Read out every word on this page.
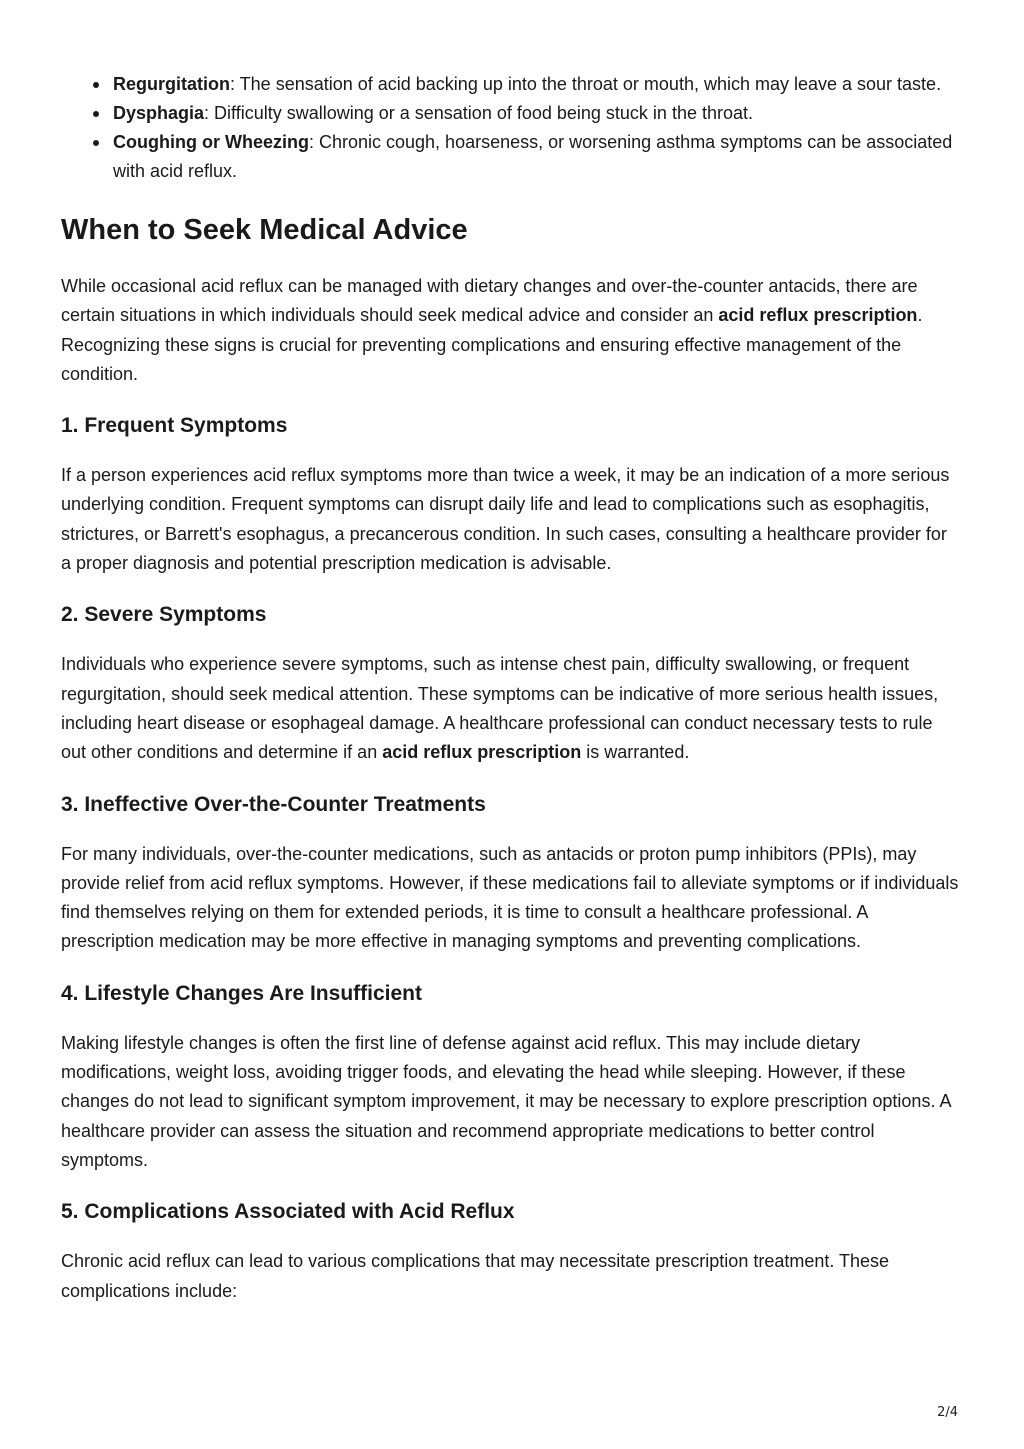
Regurgitation: The sensation of acid backing up into the throat or mouth, which may leave a sour taste.
Dysphagia: Difficulty swallowing or a sensation of food being stuck in the throat.
Coughing or Wheezing: Chronic cough, hoarseness, or worsening asthma symptoms can be associated with acid reflux.
When to Seek Medical Advice

While occasional acid reflux can be managed with dietary changes and over-the-counter antacids, there are certain situations in which individuals should seek medical advice and consider an acid reflux prescription. Recognizing these signs is crucial for preventing complications and ensuring effective management of the condition.

1. Frequent Symptoms

If a person experiences acid reflux symptoms more than twice a week, it may be an indication of a more serious underlying condition. Frequent symptoms can disrupt daily life and lead to complications such as esophagitis, strictures, or Barrett's esophagus, a precancerous condition. In such cases, consulting a healthcare provider for a proper diagnosis and potential prescription medication is advisable.

2. Severe Symptoms

Individuals who experience severe symptoms, such as intense chest pain, difficulty swallowing, or frequent regurgitation, should seek medical attention. These symptoms can be indicative of more serious health issues, including heart disease or esophageal damage. A healthcare professional can conduct necessary tests to rule out other conditions and determine if an acid reflux prescription is warranted.

3. Ineffective Over-the-Counter Treatments

For many individuals, over-the-counter medications, such as antacids or proton pump inhibitors (PPIs), may provide relief from acid reflux symptoms. However, if these medications fail to alleviate symptoms or if individuals find themselves relying on them for extended periods, it is time to consult a healthcare professional. A prescription medication may be more effective in managing symptoms and preventing complications.

4. Lifestyle Changes Are Insufficient

Making lifestyle changes is often the first line of defense against acid reflux. This may include dietary modifications, weight loss, avoiding trigger foods, and elevating the head while sleeping. However, if these changes do not lead to significant symptom improvement, it may be necessary to explore prescription options. A healthcare provider can assess the situation and recommend appropriate medications to better control symptoms.

5. Complications Associated with Acid Reflux

Chronic acid reflux can lead to various complications that may necessitate prescription treatment. These complications include:

2/4
